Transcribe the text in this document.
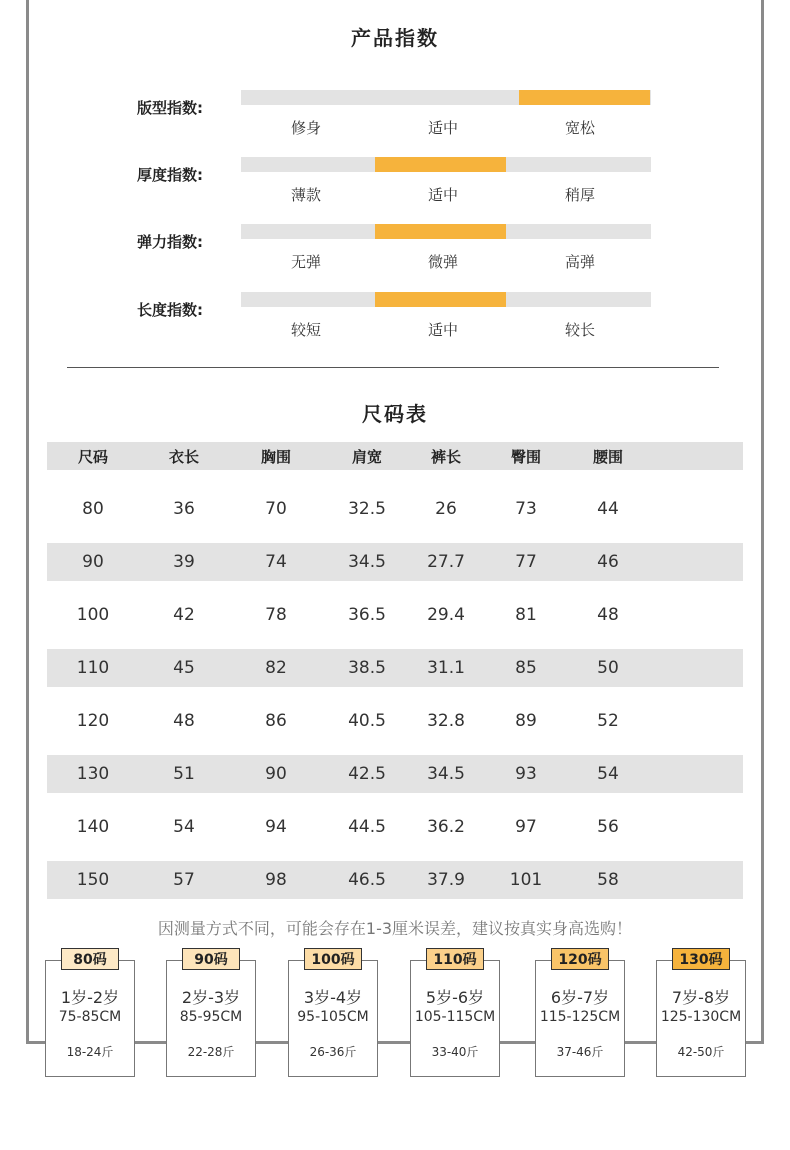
产品指数
版型指数:
修身	适中	宽松
厚度指数:
薄款	适中	稍厚
弹力指数:
无弹	微弹	高弹
长度指数:
较短	适中	较长
尺码表
尺码	衣长	胸围	肩宽	裤长	臀围	腰围
80	36	70	32.5	26	73	44
90	39	74	34.5	27.7	77	46
100	42	78	36.5	29.4	81	48
110	45	82	38.5	31.1	85	50
120	48	86	40.5	32.8	89	52
130	51	90	42.5	34.5	93	54
140	54	94	44.5	36.2	97	56
150	57	98	46.5	37.9	101	58
因测量方式不同，可能会存在1-3厘米误差，建议按真实身高选购！
1岁-2岁
75-85CM
18-24斤
80码
2岁-3岁
85-95CM
22-28斤
90码
3岁-4岁
95-105CM
26-36斤
100码
5岁-6岁
105-115CM
33-40斤
110码
6岁-7岁
115-125CM
37-46斤
120码
7岁-8岁
125-130CM
42-50斤
130码
